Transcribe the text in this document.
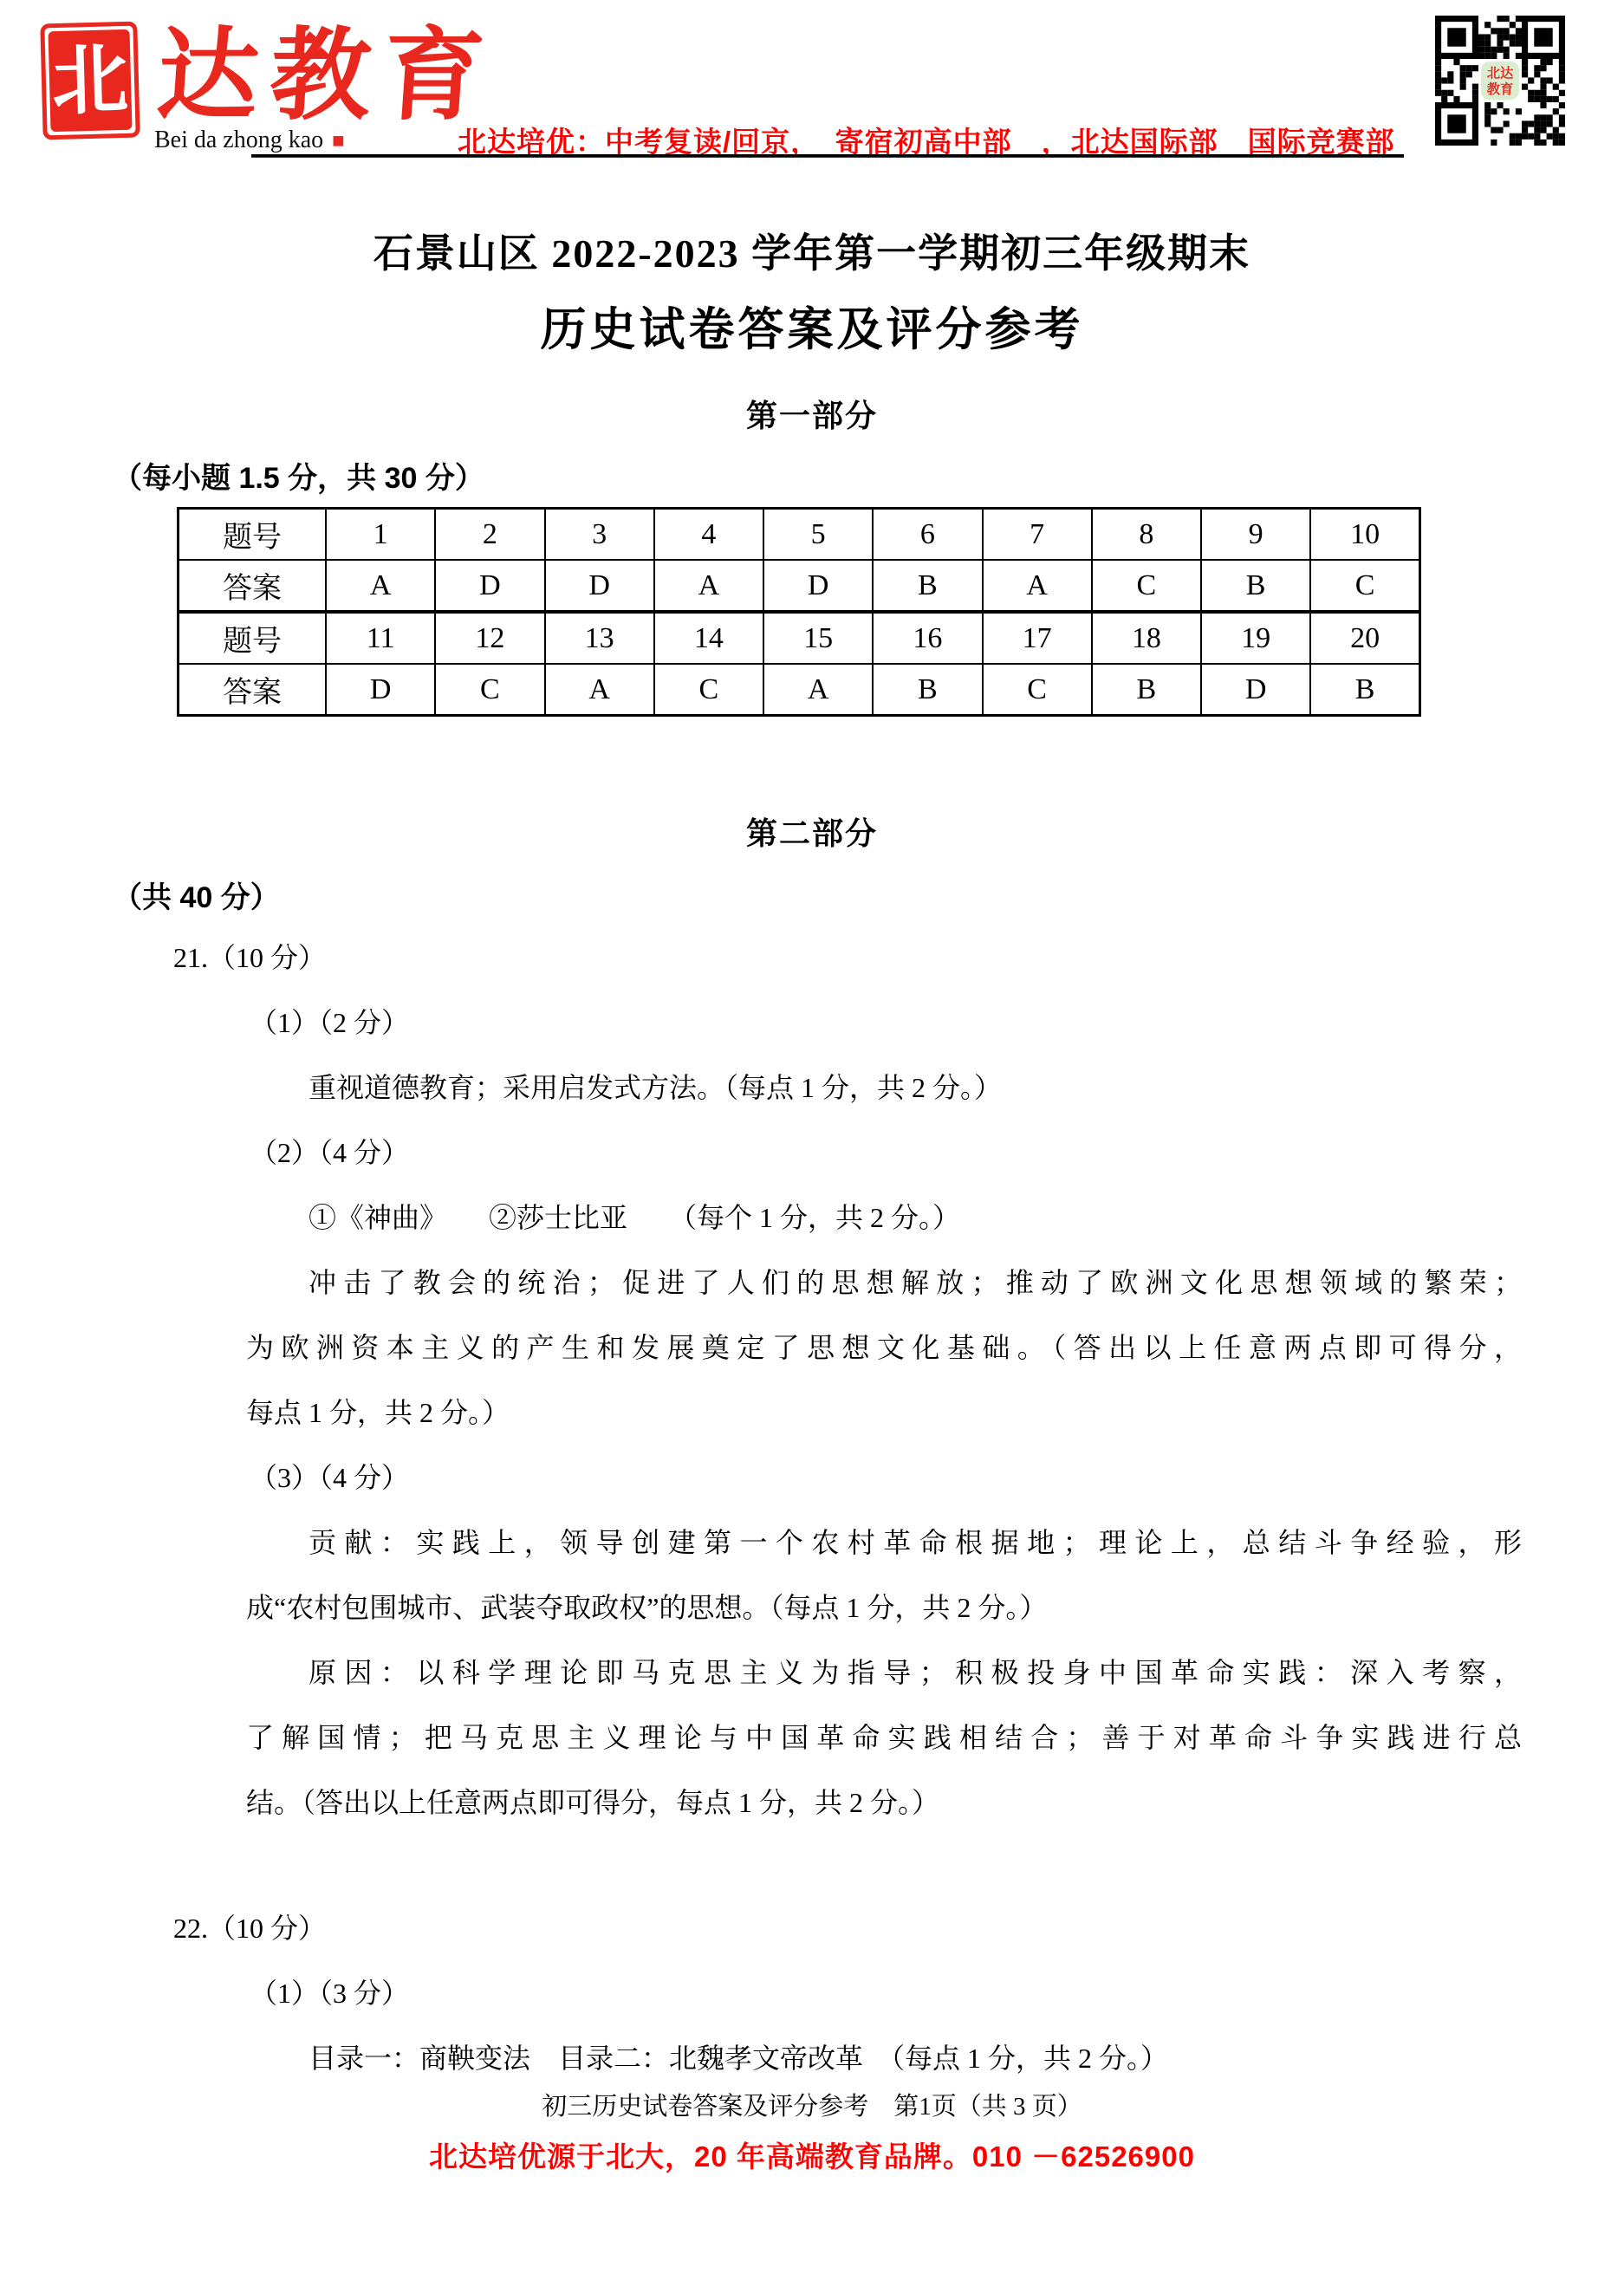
北 达教育
Bei da zhong kao ■	北达培优：中考复读/回京，　寄宿初高中部　，北达国际部　国际竞赛部
北达
教育
石景山区 2022-2023 学年第一学期初三年级期末
历史试卷答案及评分参考
第一部分
（每小题 1.5 分，共 30 分）
题号	1	2	3	4	5	6	7	8	9	10
答案	A	D	D	A	D	B	A	C	B	C
题号	11	12	13	14	15	16	17	18	19	20
答案	D	C	A	C	A	B	C	B	D	B
第二部分
（共 40 分）
21.（10 分）
（1）（2 分）
重视道德教育；采用启发式方法。（每点 1 分，共 2 分。）
（2）（4 分）
①《神曲》　　②莎士比亚　　（每个 1 分，共 2 分。）
冲击了教会的统治；促进了人们的思想解放；推动了欧洲文化思想领域的繁荣；
为欧洲资本主义的产生和发展奠定了思想文化基础。（答出以上任意两点即可得分，
每点 1 分，共 2 分。）
（3）（4 分）
贡献：实践上，领导创建第一个农村革命根据地；理论上，总结斗争经验，形
成“农村包围城市、武装夺取政权”的思想。（每点 1 分，共 2 分。）
原因：以科学理论即马克思主义为指导；积极投身中国革命实践：深入考察，
了解国情；把马克思主义理论与中国革命实践相结合；善于对革命斗争实践进行总
结。（答出以上任意两点即可得分，每点 1 分，共 2 分。）
22.（10 分）
（1）（3 分）
目录一：商鞅变法　目录二：北魏孝文帝改革　（每点 1 分，共 2 分。）
初三历史试卷答案及评分参考　第1页（共 3 页）
北达培优源于北大，20 年高端教育品牌。010 －62526900
